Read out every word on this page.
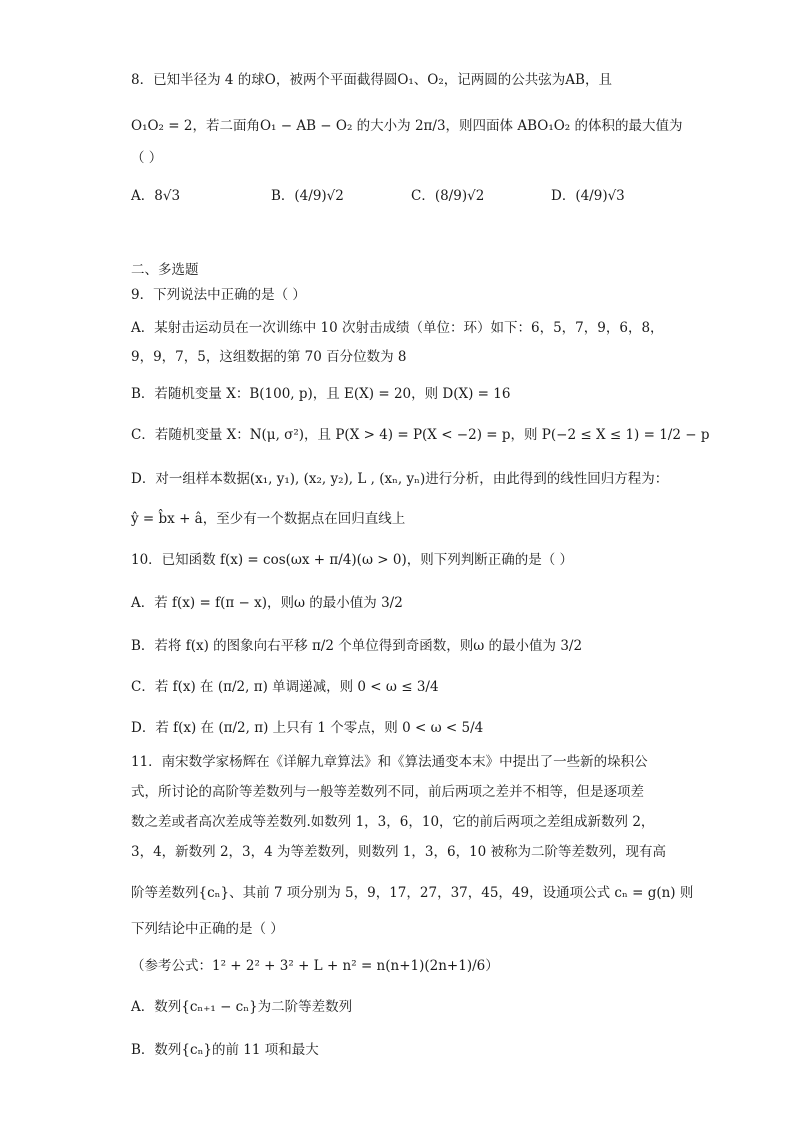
8．已知半径为 4 的球O，被两个平面截得圆O₁、O₂，记两圆的公共弦为AB，且
O₁O₂ = 2，若二面角O₁ − AB − O₂ 的大小为 2π/3，则四面体 ABO₁O₂ 的体积的最大值为
（ ）
A．8√3	B．(4/9)√2	C．(8/9)√2	D．(4/9)√3
二、多选题
9．下列说法中正确的是（ ）
A．某射击运动员在一次训练中 10 次射击成绩（单位：环）如下：6，5，7，9，6，8，
9，9，7，5，这组数据的第 70 百分位数为 8
B．若随机变量 X：B(100, p)，且 E(X) = 20，则 D(X) = 16
C．若随机变量 X：N(μ, σ²)，且 P(X > 4) = P(X < −2) = p，则 P(−2 ≤ X ≤ 1) = 1/2 − p
D．对一组样本数据(x₁, y₁), (x₂, y₂), L , (xₙ, yₙ)进行分析，由此得到的线性回归方程为：
ŷ = b̂x + â，至少有一个数据点在回归直线上
10．已知函数 f(x) = cos(ωx + π/4)(ω > 0)，则下列判断正确的是（ ）
A．若 f(x) = f(π − x)，则ω 的最小值为 3/2
B．若将 f(x) 的图象向右平移 π/2 个单位得到奇函数，则ω 的最小值为 3/2
C．若 f(x) 在 (π/2, π) 单调递减，则 0 < ω ≤ 3/4
D．若 f(x) 在 (π/2, π) 上只有 1 个零点，则 0 < ω < 5/4
11．南宋数学家杨辉在《详解九章算法》和《算法通变本末》中提出了一些新的垛积公
式，所讨论的高阶等差数列与一般等差数列不同，前后两项之差并不相等，但是逐项差
数之差或者高次差成等差数列.如数列 1，3，6，10，它的前后两项之差组成新数列 2，
3，4，新数列 2，3，4 为等差数列，则数列 1，3，6，10 被称为二阶等差数列，现有高
阶等差数列{cₙ}、其前 7 项分别为 5，9，17，27，37，45，49，设通项公式 cₙ = g(n) 则
下列结论中正确的是（ ）
（参考公式：1² + 2² + 3² + L + n² = n(n+1)(2n+1)/6）
A．数列{cₙ₊₁ − cₙ}为二阶等差数列
B．数列{cₙ}的前 11 项和最大
